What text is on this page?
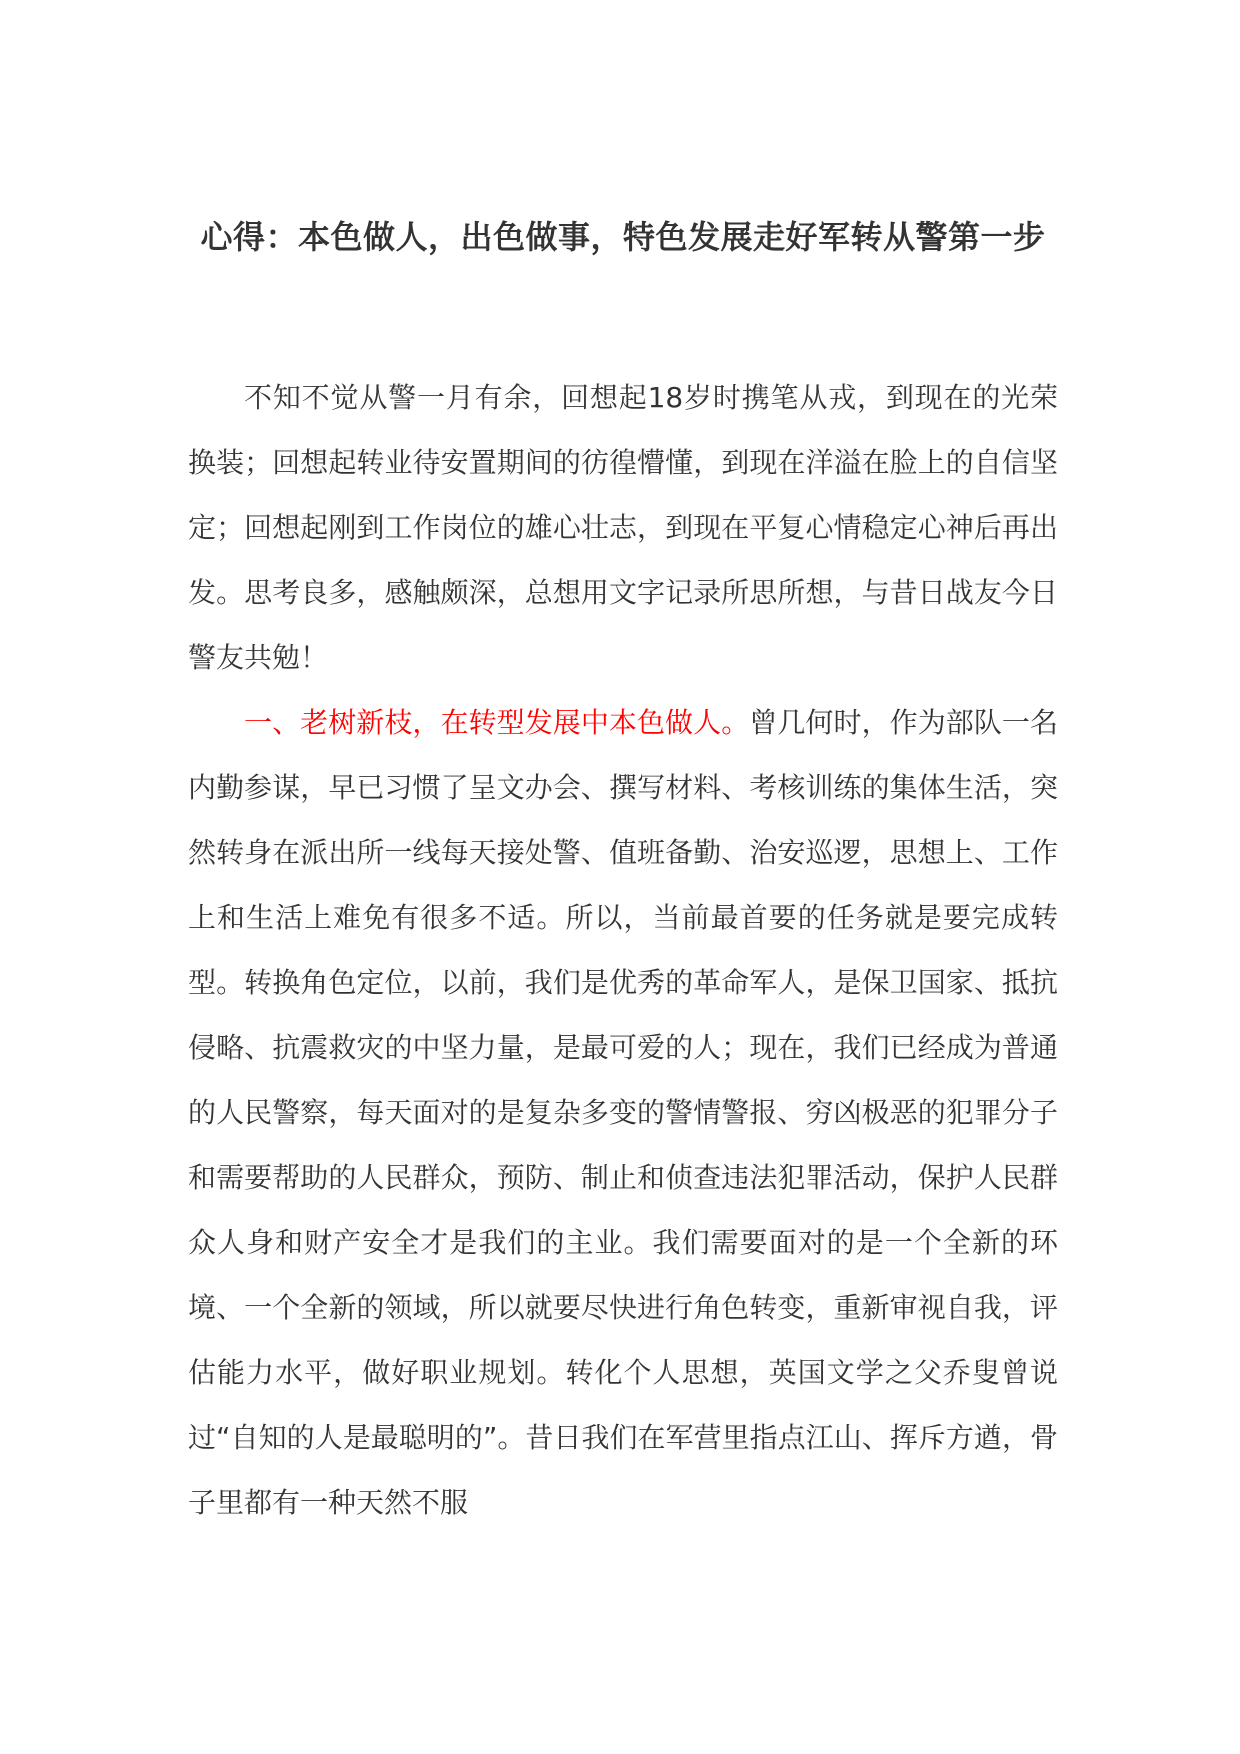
心得：本色做人，出色做事，特色发展走好军转从警第一步

不知不觉从警一月有余，回想起18岁时携笔从戎，到现在的光荣换装；回想起转业待安置期间的彷徨懵懂，到现在洋溢在脸上的自信坚定；回想起刚到工作岗位的雄心壮志，到现在平复心情稳定心神后再出发。思考良多，感触颇深，总想用文字记录所思所想，与昔日战友今日警友共勉！

一、老树新枝，在转型发展中本色做人。曾几何时，作为部队一名内勤参谋，早已习惯了呈文办会、撰写材料、考核训练的集体生活，突然转身在派出所一线每天接处警、值班备勤、治安巡逻，思想上、工作上和生活上难免有很多不适。所以，当前最首要的任务就是要完成转型。转换角色定位，以前，我们是优秀的革命军人，是保卫国家、抵抗侵略、抗震救灾的中坚力量，是最可爱的人；现在，我们已经成为普通的人民警察，每天面对的是复杂多变的警情警报、穷凶极恶的犯罪分子和需要帮助的人民群众，预防、制止和侦查违法犯罪活动，保护人民群众人身和财产安全才是我们的主业。我们需要面对的是一个全新的环境、一个全新的领域，所以就要尽快进行角色转变，重新审视自我，评估能力水平，做好职业规划。转化个人思想，英国文学之父乔叟曾说过“自知的人是最聪明的”。昔日我们在军营里指点江山、挥斥方遒，骨子里都有一种天然不服
